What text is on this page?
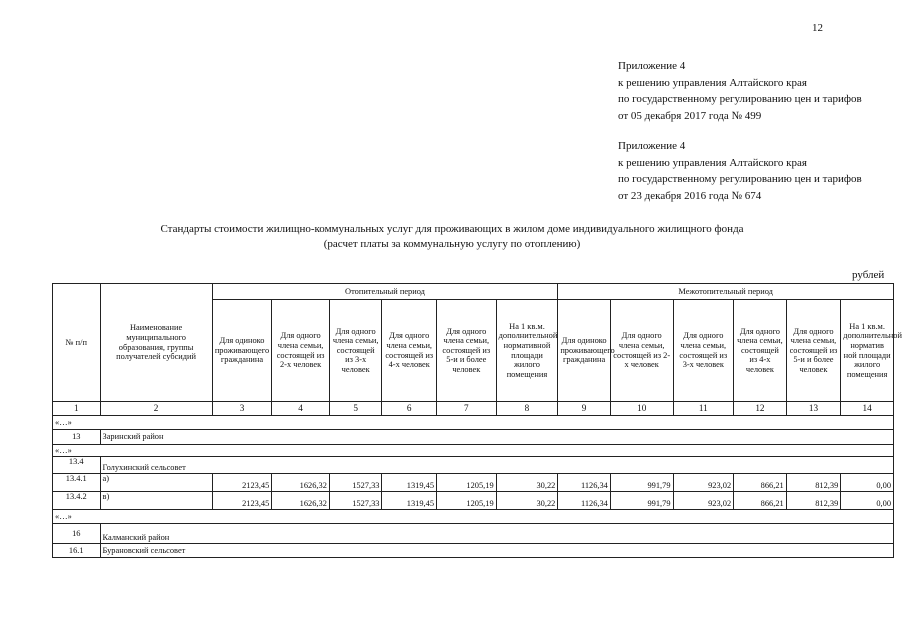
12
Приложение 4
к решению управления Алтайского края
по государственному регулированию цен и тарифов
от 05 декабря 2017 года № 499
Приложение 4
к решению управления Алтайского края
по государственному регулированию цен и тарифов
от 23 декабря 2016 года № 674
Стандарты стоимости жилищно-коммунальных услуг для проживающих в жилом доме индивидуального жилищного фонда
(расчет платы за коммунальную услугу по отоплению)
рублей
№ п/п	Наименование муниципального образования, группы получателей субсидий	Отопительный период						Межотопительный период					
		Для одиноко проживающего гражданина	Для одного члена семьи, состоящей из 2-х человек	Для одного члена семьи, состоящей из 3-х человек	Для одного члена семьи, состоящей из 4-х человек	Для одного члена семьи, состоящей из 5-и и более человек	На 1 кв.м. дополнительной нормативной площади жилого помещения	Для одиноко проживающего гражданина	Для одного члена семьи, состоящей из 2-х человек	Для одного члена семьи, состоящей из 3-х человек	Для одного члена семьи, состоящей из 4-х человек	Для одного члена семьи, состоящей из 5-и и более человек	На 1 кв.м. дополнительной норматив ной площади жилого помещения
1	2	3	4	5	6	7	8	9	10	11	12	13	14
«…»													
13	Заринский район												
«…»													
13.4	Голухинский сельсовет												
13.4.1	а)	2123,45	1626,32	1527,33	1319,45	1205,19	30,22	1126,34	991,79	923,02	866,21	812,39	0,00
13.4.2	в)	2123,45	1626,32	1527,33	1319,45	1205,19	30,22	1126,34	991,79	923,02	866,21	812,39	0,00
«…»													
16	Калманский район												
16.1	Бурановский сельсовет												
